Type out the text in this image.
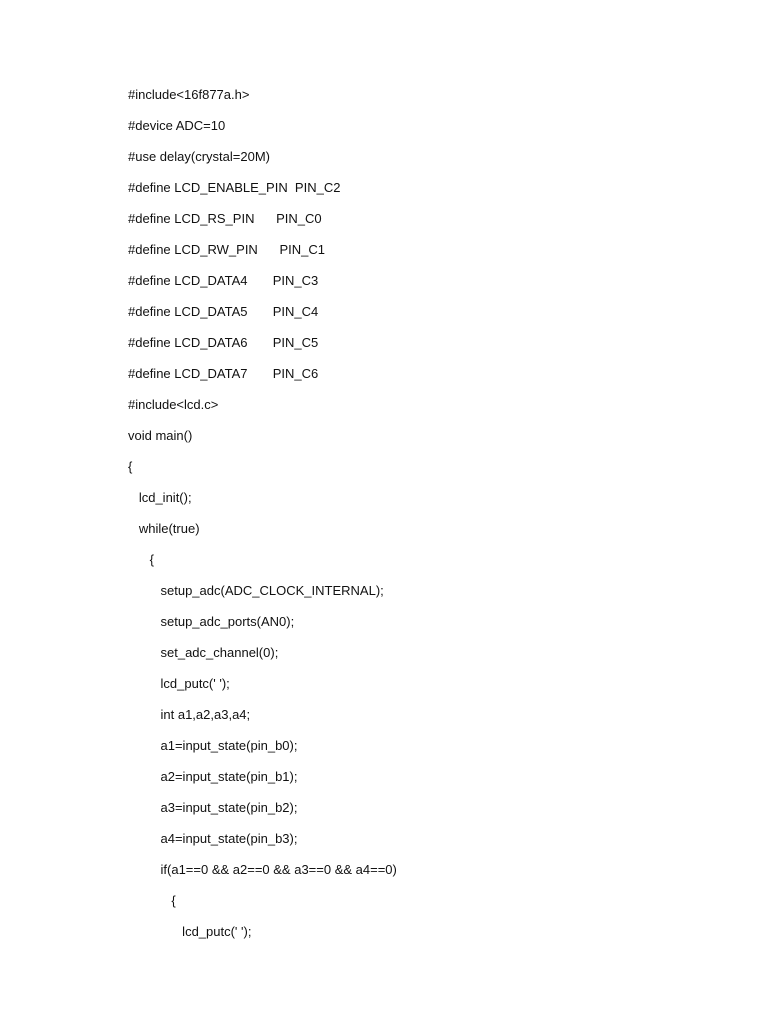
#include<16f877a.h>
#device ADC=10
#use delay(crystal=20M)
#define LCD_ENABLE_PIN  PIN_C2
#define LCD_RS_PIN      PIN_C0
#define LCD_RW_PIN      PIN_C1
#define LCD_DATA4       PIN_C3
#define LCD_DATA5       PIN_C4
#define LCD_DATA6       PIN_C5
#define LCD_DATA7       PIN_C6
#include<lcd.c>
void main()
{
lcd_init();
while(true)
{
setup_adc(ADC_CLOCK_INTERNAL);
setup_adc_ports(AN0);
set_adc_channel(0);
lcd_putc(' ');
int a1,a2,a3,a4;
a1=input_state(pin_b0);
a2=input_state(pin_b1);
a3=input_state(pin_b2);
a4=input_state(pin_b3);
if(a1==0 && a2==0 && a3==0 && a4==0)
{
lcd_putc(' ');
